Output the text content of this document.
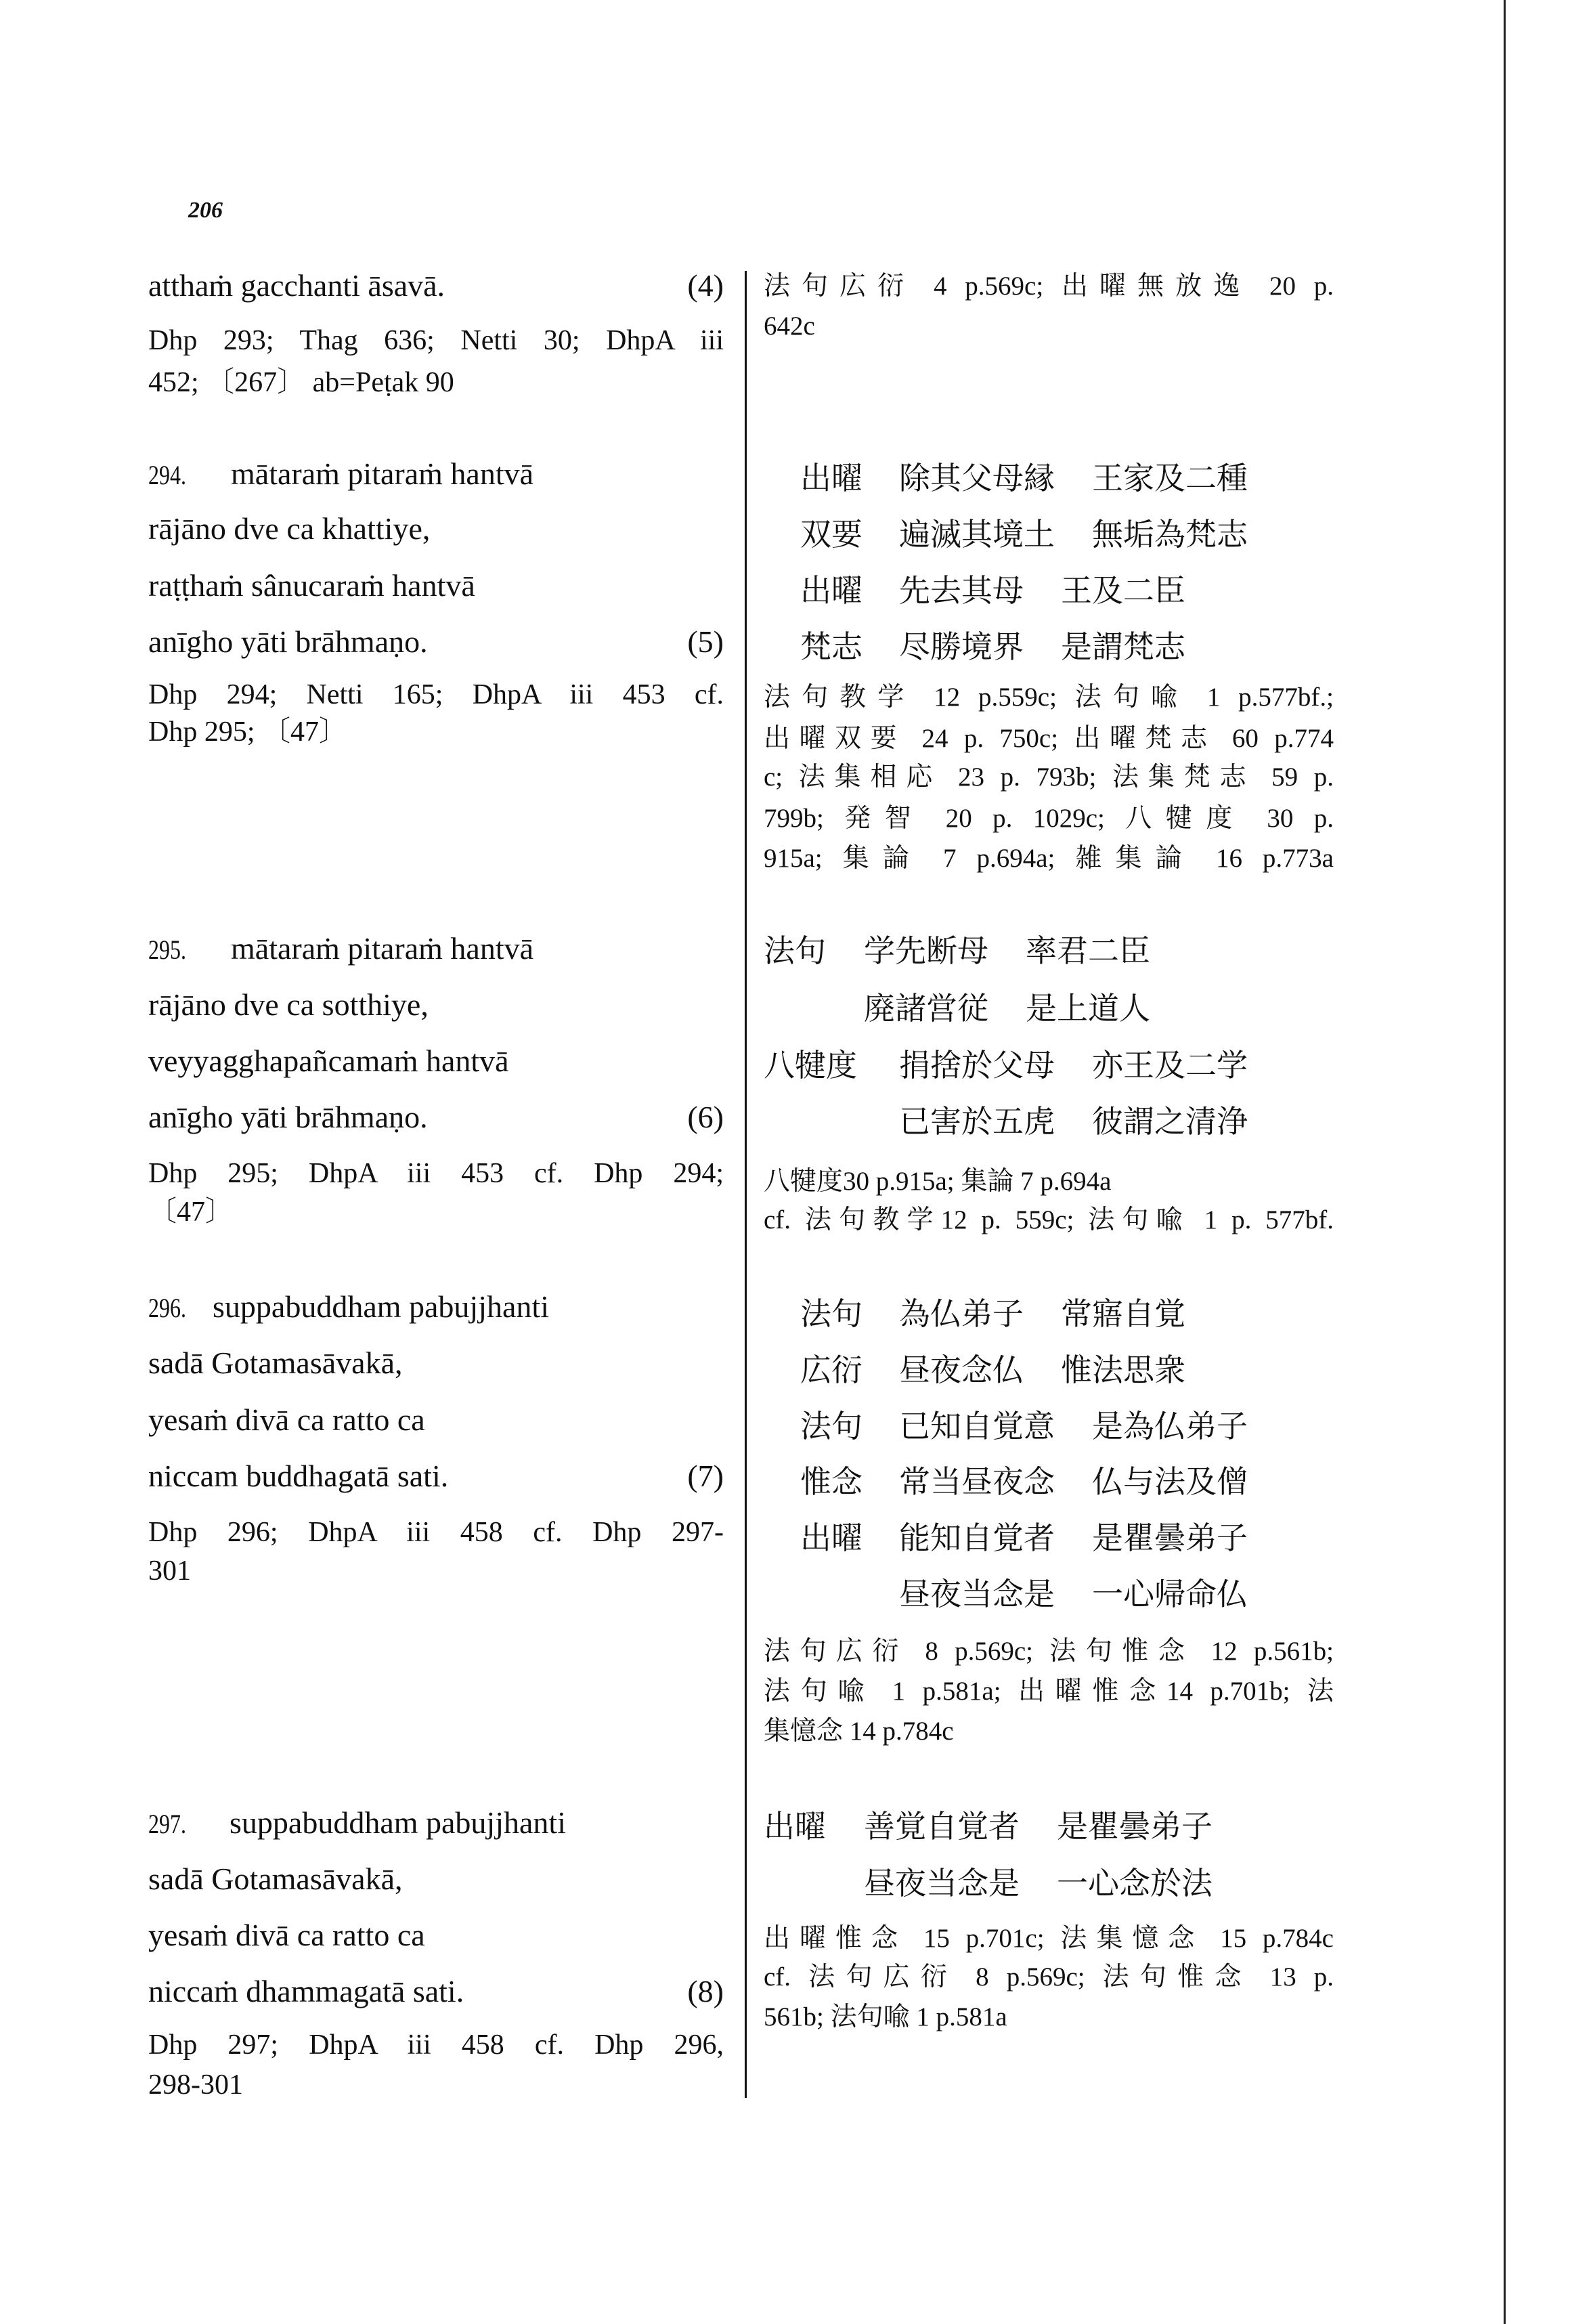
206
atthaṁ gacchanti āsavā.	(4)
Dhp 293; Thag 636; Netti 30; DhpA iii
452; 〔267〕 ab=Peṭak 90
294. mātaraṁ pitaraṁ hantvā
rājāno dve ca khattiye,
raṭṭhaṁ sânucaraṁ hantvā
anīgho yāti brāhmaṇo.	(5)
Dhp 294; Netti 165; DhpA iii 453 cf.
Dhp 295; 〔47〕
295. mātaraṁ pitaraṁ hantvā
rājāno dve ca sotthiye,
veyyagghapañcamaṁ hantvā
anīgho yāti brāhmaṇo.	(6)
Dhp 295; DhpA iii 453 cf. Dhp 294;
〔47〕
296. suppabuddham pabujjhanti
sadā Gotamasāvakā,
yesaṁ divā ca ratto ca
niccam buddhagatā sati.	(7)
Dhp 296; DhpA iii 458 cf. Dhp 297-
301
297. suppabuddham pabujjhanti
sadā Gotamasāvakā,
yesaṁ divā ca ratto ca
niccaṁ dhammagatā sati.	(8)
Dhp 297; DhpA iii 458 cf. Dhp 296,
298-301
法句広衍 4 p.569c; 出曜無放逸 20 p.
642c
出曜 除其父母縁 王家及二種
双要 遍滅其境土 無垢為梵志
出曜 先去其母 王及二臣
梵志 尽勝境界 是謂梵志
法句教学 12 p.559c; 法句喩 1 p.577bf.;
出曜双要 24 p. 750c; 出曜梵志 60 p.774
c; 法集相応 23 p. 793b; 法集梵志 59 p.
799b; 発智 20 p. 1029c; 八犍度 30 p.
915a; 集論 7 p.694a; 雑集論 16 p.773a
法句 学先断母 率君二臣
廃諸営従 是上道人
八犍度 捐捨於父母 亦王及二学
已害於五虎 彼謂之清浄
八犍度30 p.915a; 集論 7 p.694a
cf. 法句教学12 p. 559c; 法句喩 1 p. 577bf.
法句 為仏弟子 常寤自覚
広衍 昼夜念仏 惟法思衆
法句 已知自覚意 是為仏弟子
惟念 常当昼夜念 仏与法及僧
出曜 能知自覚者 是瞿曇弟子
昼夜当念是 一心帰命仏
法句広衍 8 p.569c; 法句惟念 12 p.561b;
法句喩 1 p.581a; 出曜惟念14 p.701b; 法
集憶念 14 p.784c
出曜 善覚自覚者 是瞿曇弟子
昼夜当念是 一心念於法
出曜惟念 15 p.701c; 法集憶念 15 p.784c
cf. 法句広衍 8 p.569c; 法句惟念 13 p.
561b; 法句喩 1 p.581a
